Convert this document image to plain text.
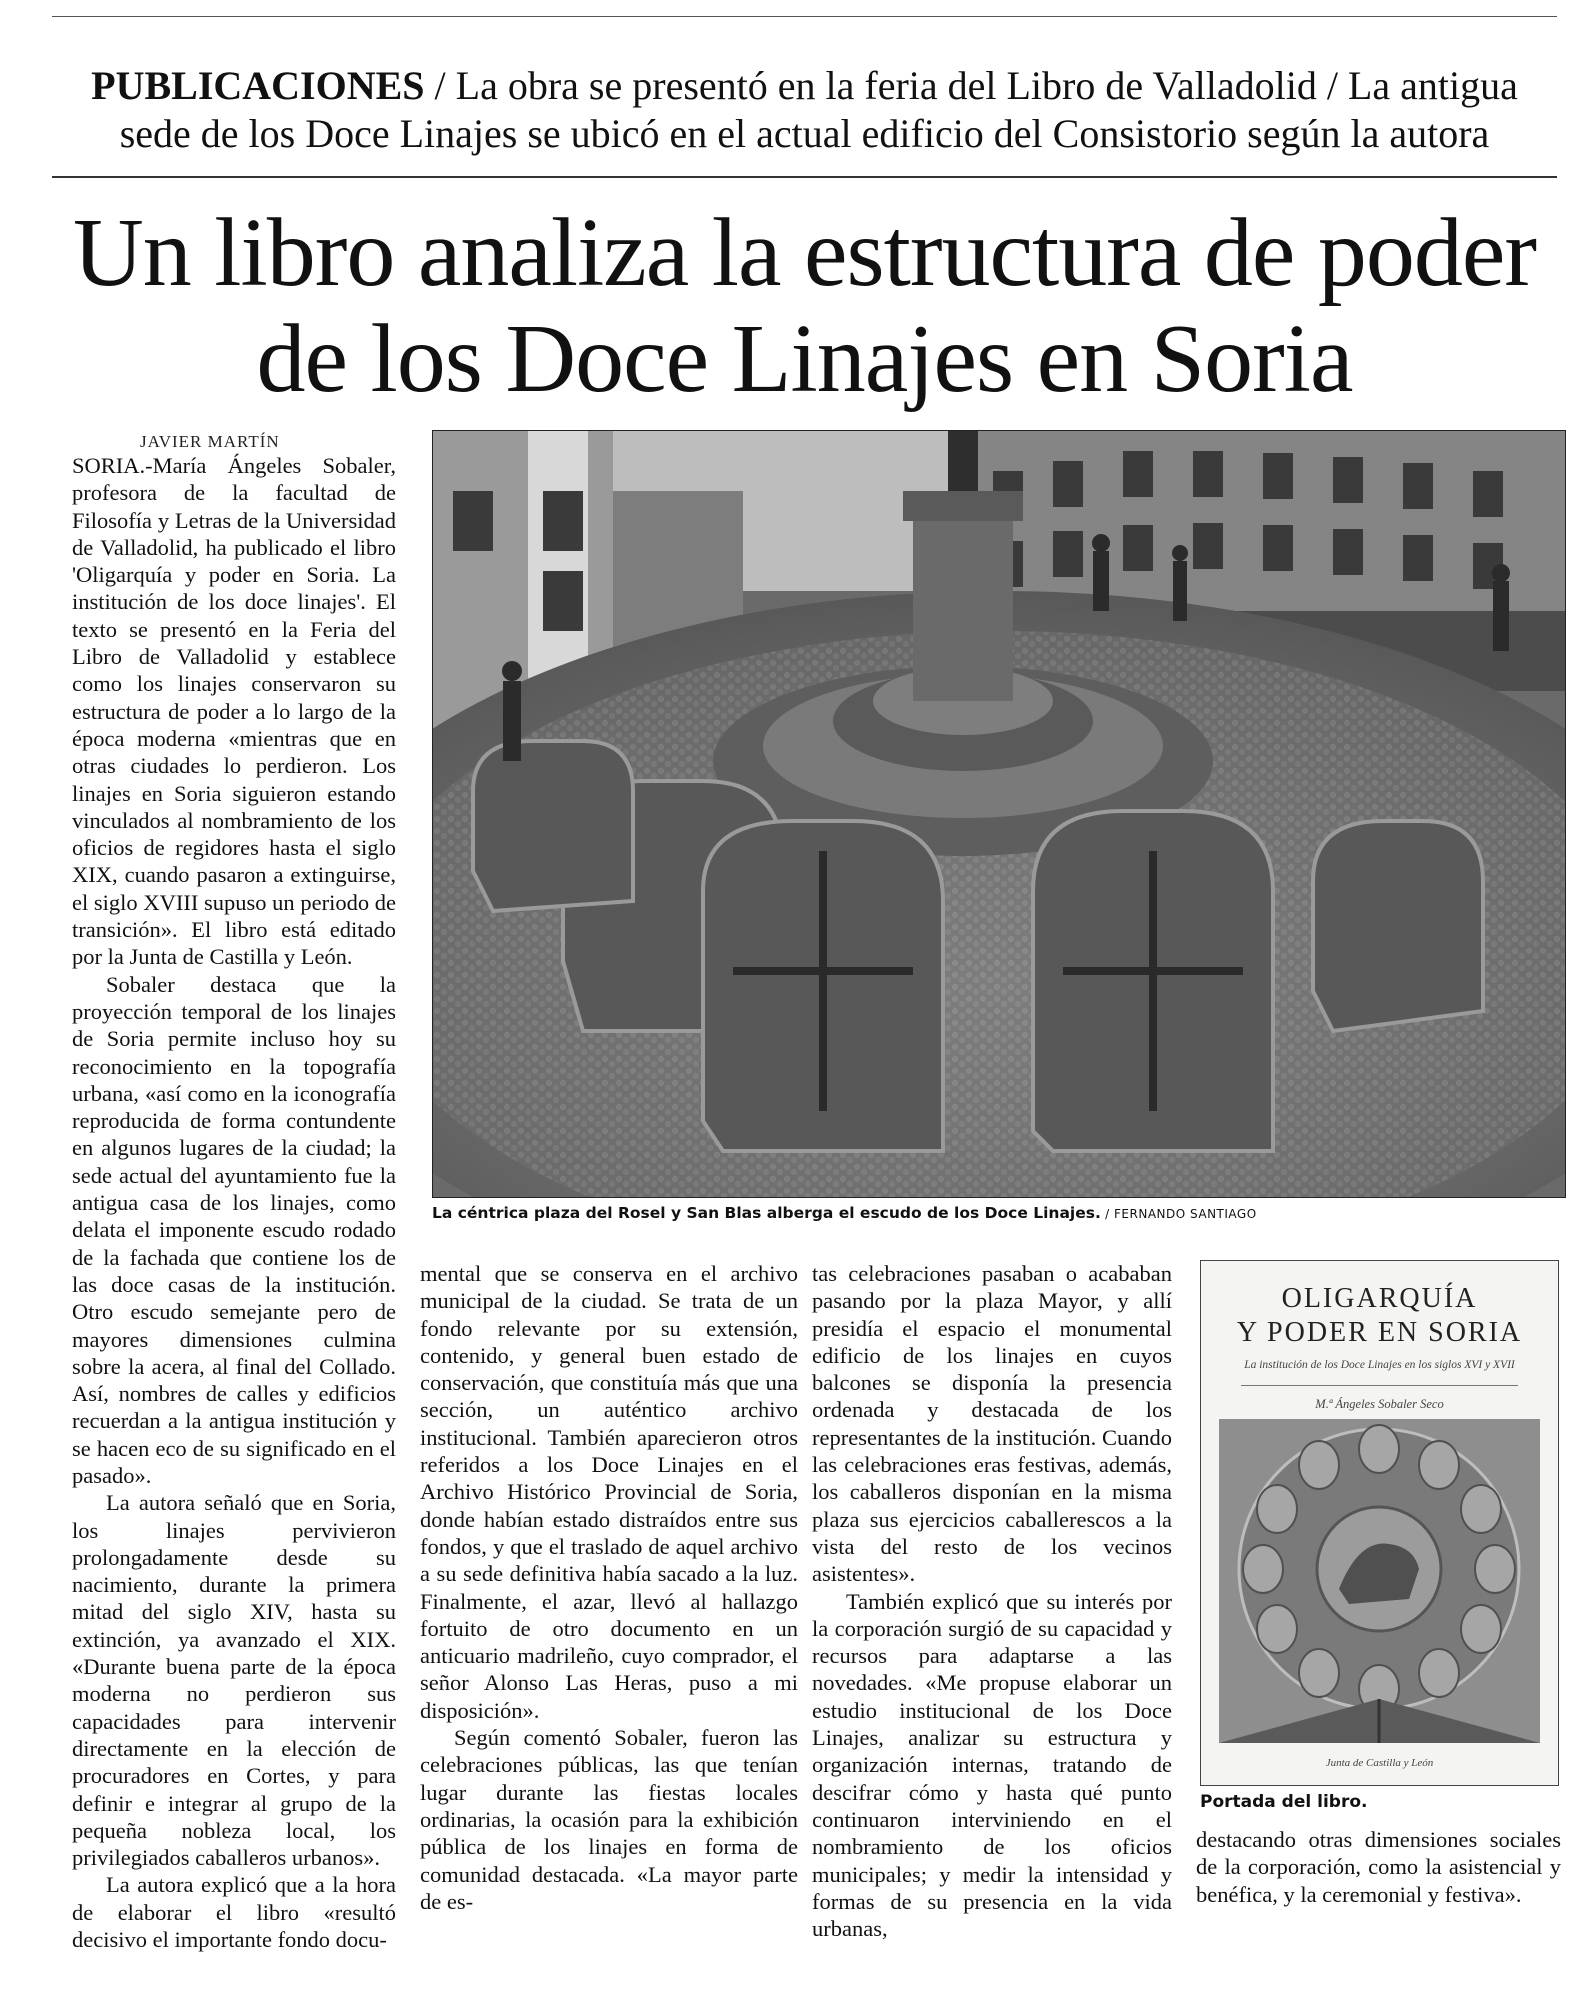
PUBLICACIONES / La obra se presentó en la feria del Libro de Valladolid / La antigua sede de los Doce Linajes se ubicó en el actual edificio del Consistorio según la autora
Un libro analiza la estructura de poder de los Doce Linajes en Soria
JAVIER MARTÍN

SORIA.-María Ángeles Sobaler, profesora de la facultad de Filosofía y Letras de la Universidad de Valladolid, ha publicado el libro 'Oligarquía y poder en Soria. La institución de los doce linajes'. El texto se presentó en la Feria del Libro de Valladolid y establece como los linajes conservaron su estructura de poder a lo largo de la época moderna «mientras que en otras ciudades lo perdieron. Los linajes en Soria siguieron estando vinculados al nombramiento de los oficios de regidores hasta el siglo XIX, cuando pasaron a extinguirse, el siglo XVIII supuso un periodo de transición». El libro está editado por la Junta de Castilla y León.

Sobaler destaca que la proyección temporal de los linajes de Soria permite incluso hoy su reconocimiento en la topografía urbana, «así como en la iconografía reproducida de forma contundente en algunos lugares de la ciudad; la sede actual del ayuntamiento fue la antigua casa de los linajes, como delata el imponente escudo rodado de la fachada que contiene los de las doce casas de la institución. Otro escudo semejante pero de mayores dimensiones culmina sobre la acera, al final del Collado. Así, nombres de calles y edificios recuerdan a la antigua institución y se hacen eco de su significado en el pasado».

La autora señaló que en Soria, los linajes pervivieron prolongadamente desde su nacimiento, durante la primera mitad del siglo XIV, hasta su extinción, ya avanzado el XIX. «Durante buena parte de la época moderna no perdieron sus capacidades para intervenir directamente en la elección de procuradores en Cortes, y para definir e integrar al grupo de la pequeña nobleza local, los privilegiados caballeros urbanos».

La autora explicó que a la hora de elaborar el libro «resultó decisivo el importante fondo docu-

La céntrica plaza del Rosel y San Blas alberga el escudo de los Doce Linajes. / FERNANDO SANTIAGO

mental que se conserva en el archivo municipal de la ciudad. Se trata de un fondo relevante por su extensión, contenido, y general buen estado de conservación, que constituía más que una sección, un auténtico archivo institucional. También aparecieron otros referidos a los Doce Linajes en el Archivo Histórico Provincial de Soria, donde habían estado distraídos entre sus fondos, y que el traslado de aquel archivo a su sede definitiva había sacado a la luz. Finalmente, el azar, llevó al hallazgo fortuito de otro documento en un anticuario madrileño, cuyo comprador, el señor Alonso Las Heras, puso a mi disposición».

Según comentó Sobaler, fueron las celebraciones públicas, las que tenían lugar durante las fiestas locales ordinarias, la ocasión para la exhibición pública de los linajes en forma de comunidad destacada. «La mayor parte de es-

tas celebraciones pasaban o acababan pasando por la plaza Mayor, y allí presidía el espacio el monumental edificio de los linajes en cuyos balcones se disponía la presencia ordenada y destacada de los representantes de la institución. Cuando las celebraciones eras festivas, además, los caballeros disponían en la misma plaza sus ejercicios caballerescos a la vista del resto de los vecinos asistentes».

También explicó que su interés por la corporación surgió de su capacidad y recursos para adaptarse a las novedades. «Me propuse elaborar un estudio institucional de los Doce Linajes, analizar su estructura y organización internas, tratando de descifrar cómo y hasta qué punto continuaron interviniendo en el nombramiento de los oficios municipales; y medir la intensidad y formas de su presencia en la vida urbanas,

OLIGARQUÍA
Y PODER EN SORIA
La institución de los Doce Linajes en los siglos XVI y XVII
M.ª Ángeles Sobaler Seco
Junta de Castilla y León
Portada del libro.

destacando otras dimensiones sociales de la corporación, como la asistencial y benéfica, y la ceremonial y festiva».
